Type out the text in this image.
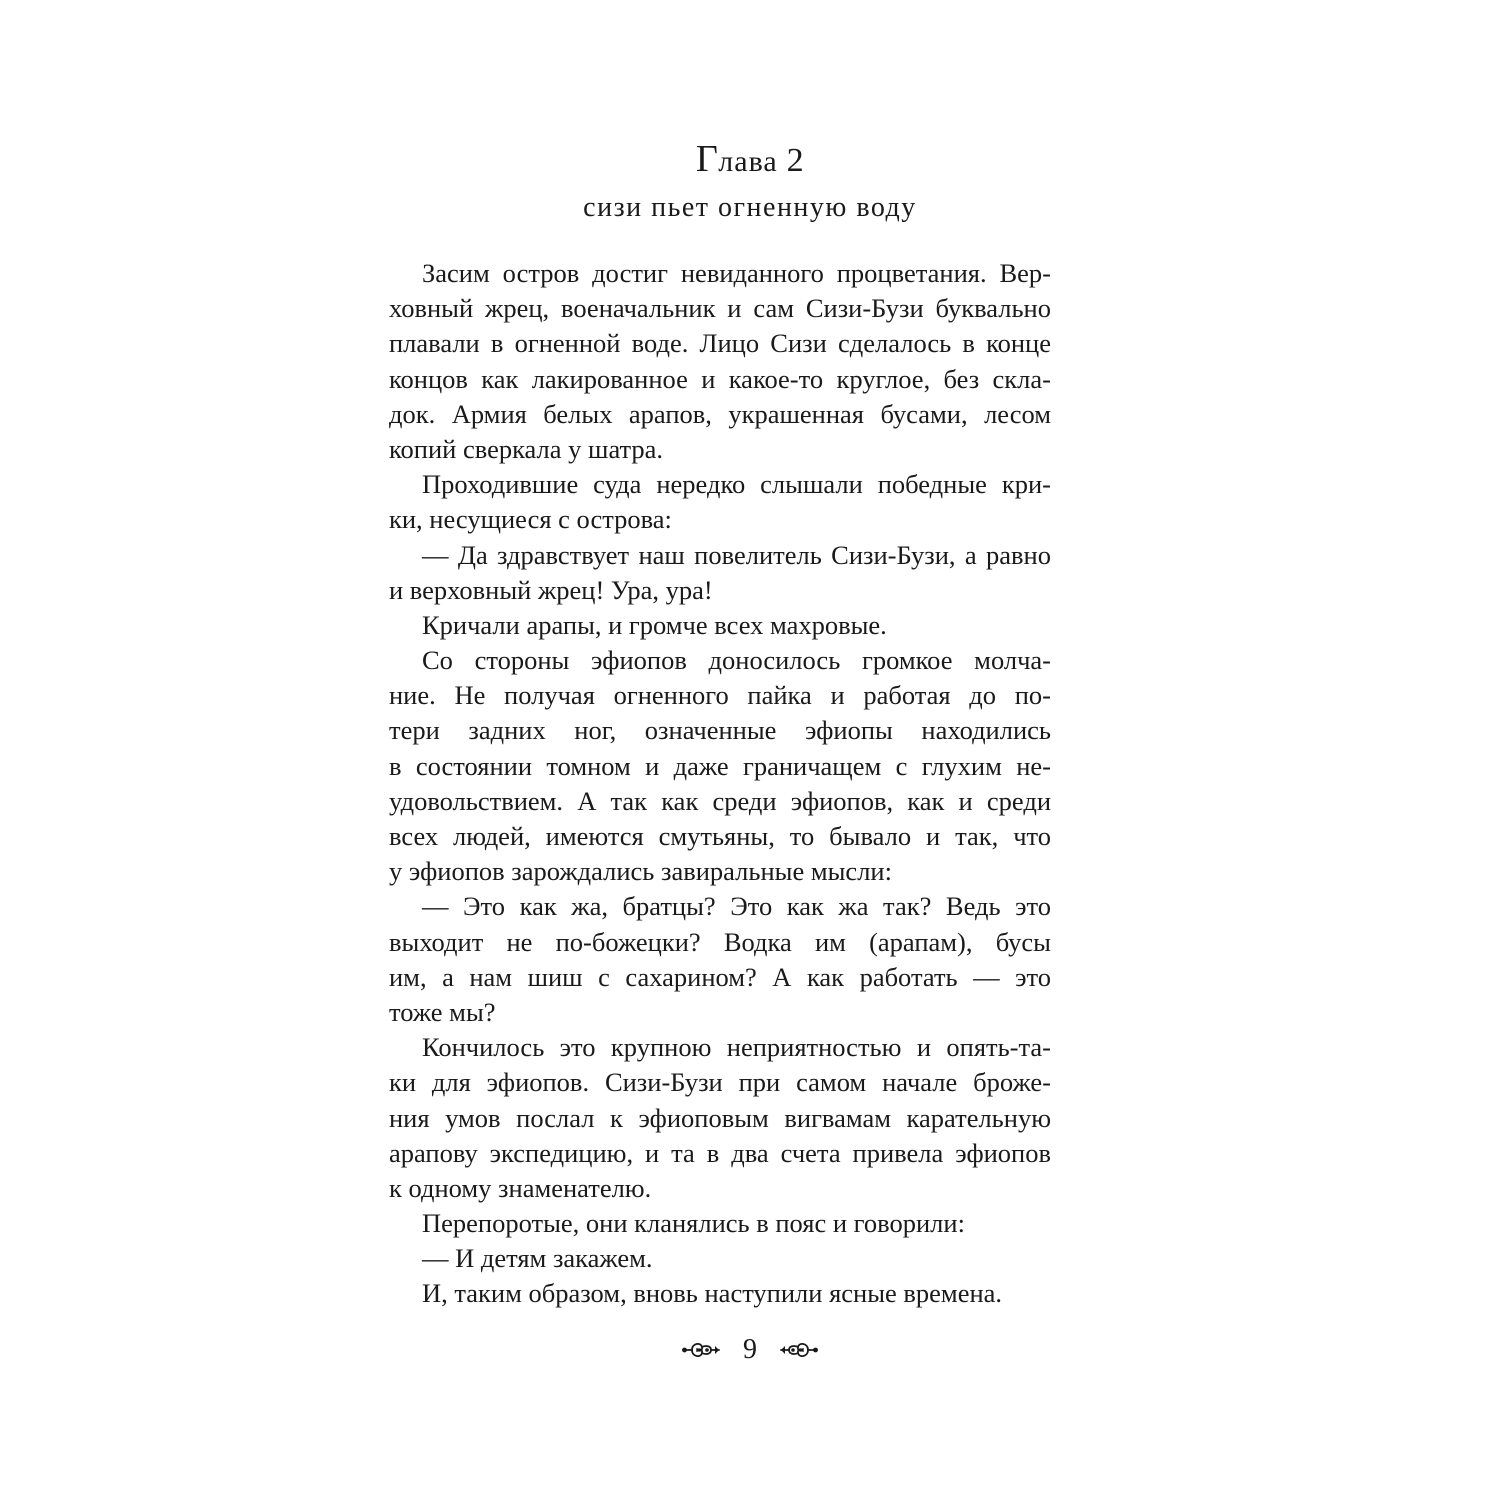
Глава 2
сизи пьет огненную воду
Засим остров достиг невиданного процветания. Вер-
ховный жрец, военачальник и сам Сизи-Бузи буквально
плавали в огненной воде. Лицо Сизи сделалось в конце
концов как лакированное и какое-то круглое, без скла-
док. Армия белых арапов, украшенная бусами, лесом
копий сверкала у шатра.
Проходившие суда нередко слышали победные кри-
ки, несущиеся с острова:
— Да здравствует наш повелитель Сизи-Бузи, а равно
и верховный жрец! Ура, ура!
Кричали арапы, и громче всех махровые.
Со стороны эфиопов доносилось громкое молча-
ние. Не получая огненного пайка и работая до по-
тери задних ног, означенные эфиопы находились
в состоянии томном и даже граничащем с глухим не-
удовольствием. А так как среди эфиопов, как и среди
всех людей, имеются смутьяны, то бывало и так, что
у эфиопов зарождались завиральные мысли:
— Это как жа, братцы? Это как жа так? Ведь это
выходит не по-божецки? Водка им (арапам), бусы
им, а нам шиш с сахарином? А как работать — это
тоже мы?
Кончилось это крупною неприятностью и опять-та-
ки для эфиопов. Сизи-Бузи при самом начале броже-
ния умов послал к эфиоповым вигвамам карательную
арапову экспедицию, и та в два счета привела эфиопов
к одному знаменателю.
Перепоротые, они кланялись в пояс и говорили:
— И детям закажем.
И, таким образом, вновь наступили ясные времена.
9
